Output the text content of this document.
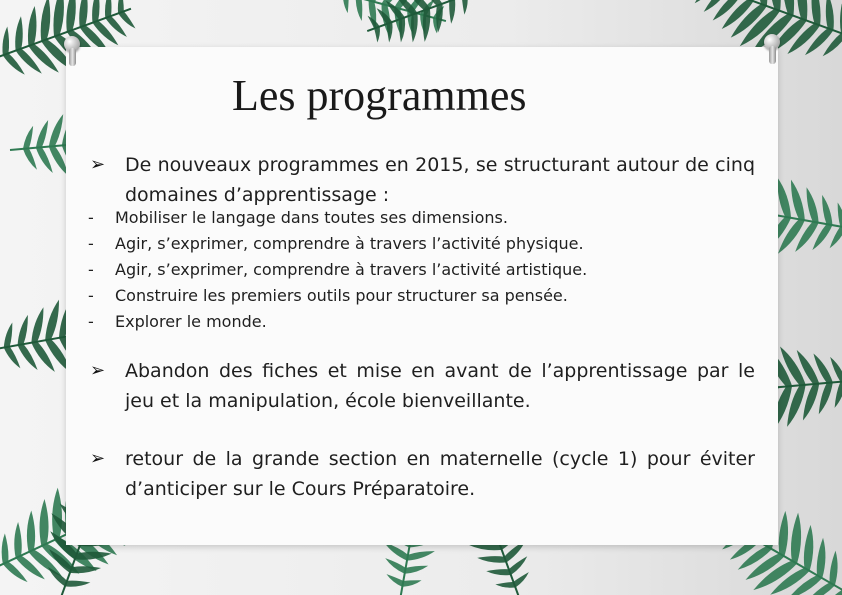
Les programmes
➢ De nouveaux programmes en 2015, se structurant autour de cinq domaines d’apprentissage :
- Mobiliser le langage dans toutes ses dimensions.
- Agir, s’exprimer, comprendre à travers l’activité physique.
- Agir, s’exprimer, comprendre à travers l’activité artistique.
- Construire les premiers outils pour structurer sa pensée.
- Explorer le monde.
➢ Abandon des fiches et mise en avant de l’apprentissage par le jeu et la manipulation, école bienveillante.
➢ retour de la grande section en maternelle (cycle 1) pour éviter d’anticiper sur le Cours Préparatoire.
